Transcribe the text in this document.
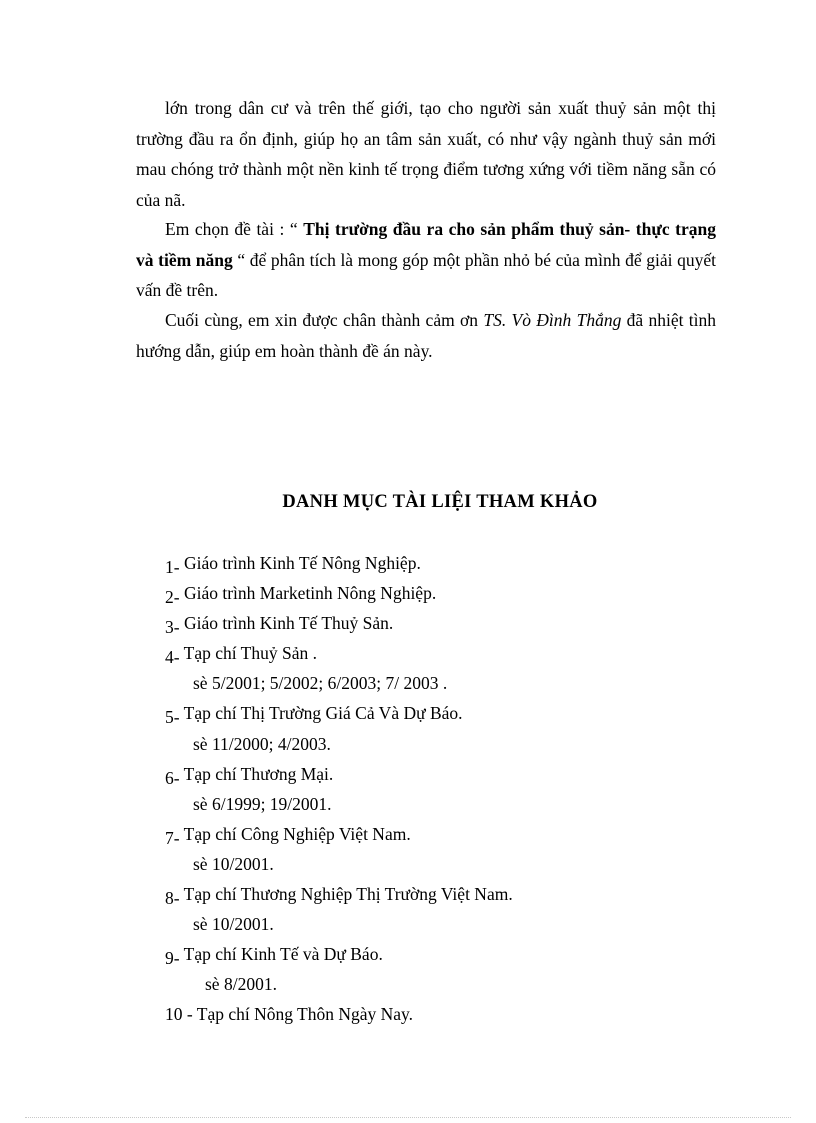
lớn trong dân cư và trên thế giới, tạo cho người sản xuất thuỷ sản một thị trường đầu ra ổn định, giúp họ an tâm sản xuất, có như vậy ngành thuỷ sản mới mau chóng trở thành một nền kinh tế trọng điểm tương xứng với tiềm năng sẵn có của nã.

Em chọn đề tài : “ Thị trường đầu ra cho sản phẩm thuỷ sản- thực trạng và tiềm năng “ để phân tích là mong góp một phần nhỏ bé của mình để giải quyết vấn đề trên.

Cuối cùng, em xin được chân thành cảm ơn TS. Vò Đình Thắng đã nhiệt tình hướng dẫn, giúp em hoàn thành đề án này.

DANH MỤC TÀI LIỆI THAM KHẢO
1- Giáo trình Kinh Tế Nông Nghiệp.
2- Giáo trình Marketinh Nông Nghiệp.
3- Giáo trình Kinh Tế Thuỷ Sản.
4- Tạp chí Thuỷ Sản .
sè 5/2001; 5/2002; 6/2003; 7/ 2003 .
5- Tạp chí Thị Trường Giá Cả Và Dự Báo.
sè 11/2000; 4/2003.
6- Tạp chí Thương Mại.
sè 6/1999; 19/2001.
7- Tạp chí Công Nghiệp Việt Nam.
sè 10/2001.
8- Tạp chí Thương Nghiệp Thị Trường Việt Nam.
sè 10/2001.
9- Tạp chí Kinh Tế và Dự Báo.
sè 8/2001.
10 - Tạp chí Nông Thôn Ngày Nay.
